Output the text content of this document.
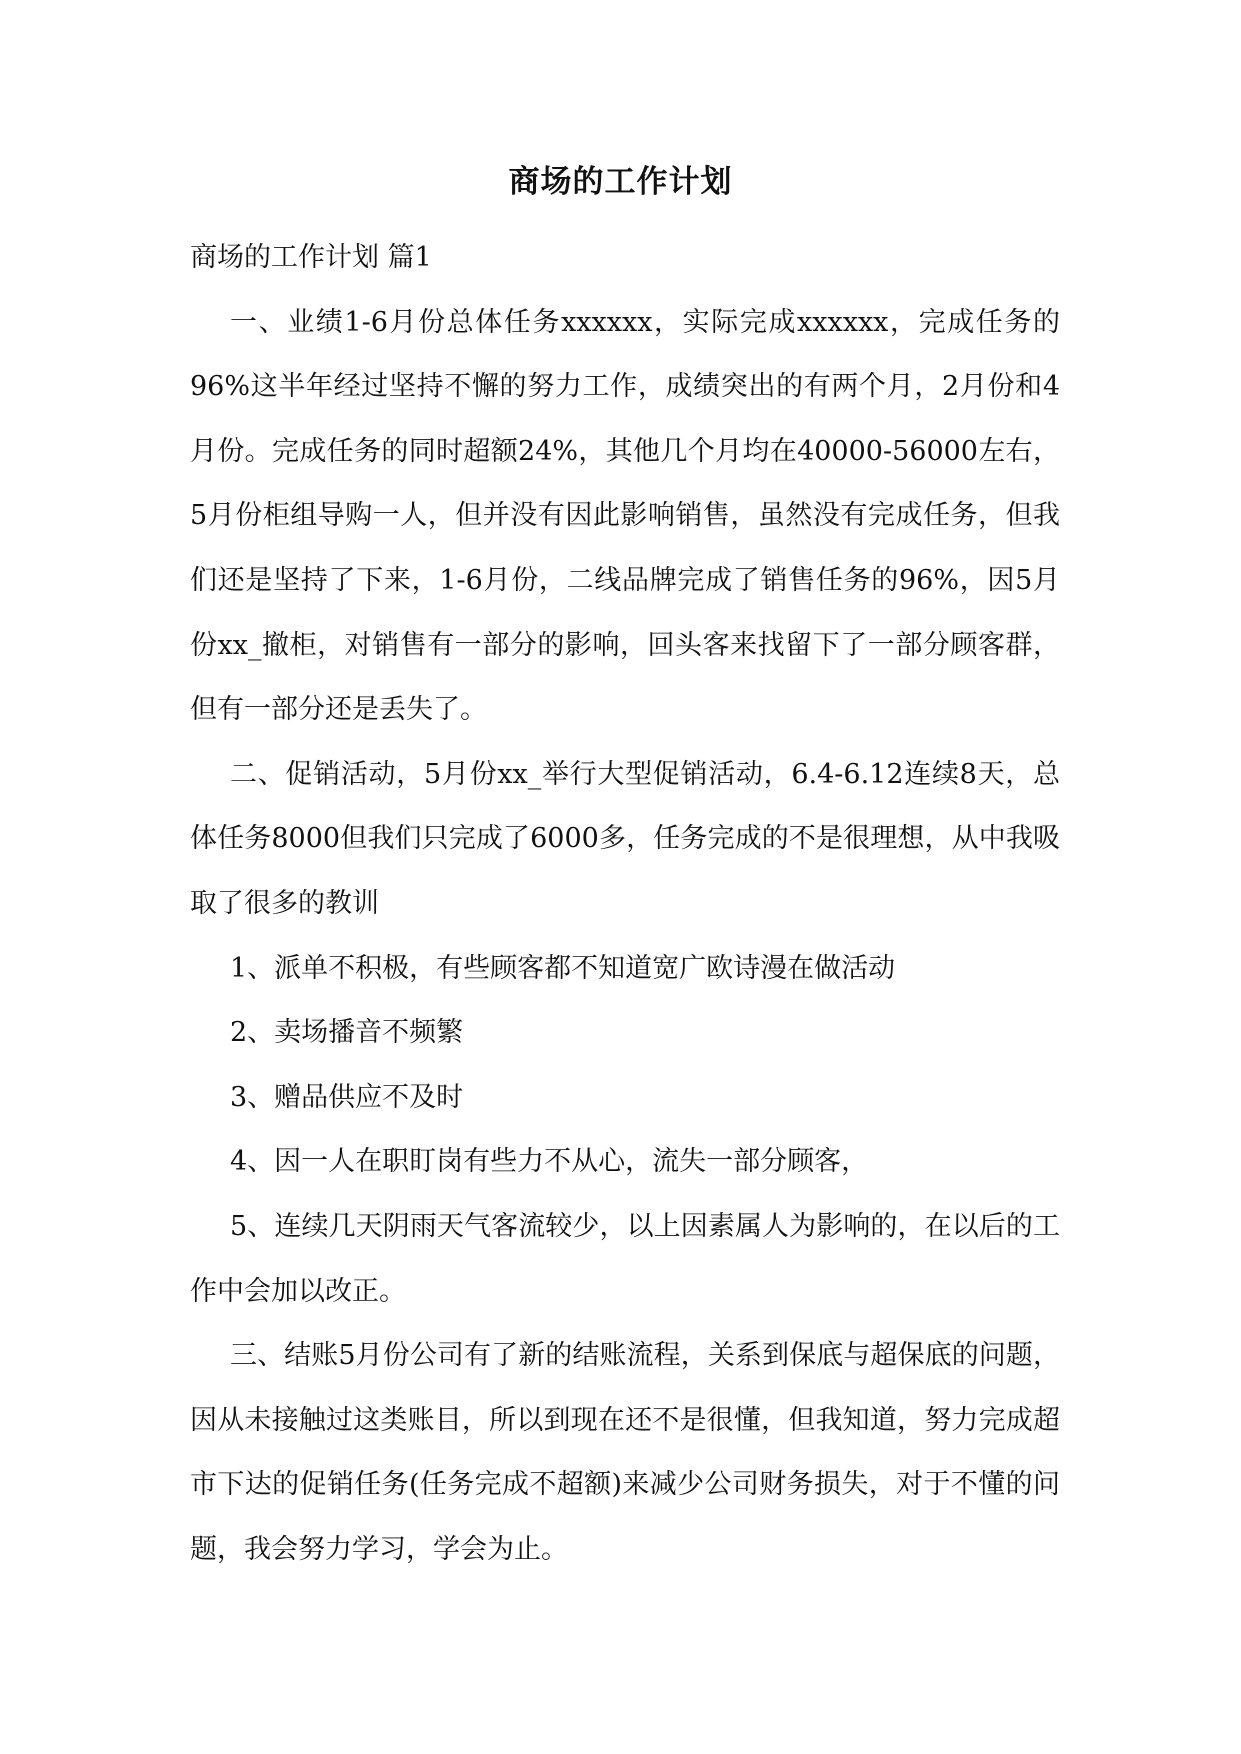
商场的工作计划

商场的工作计划 篇1

一、业绩1-6月份总体任务xxxxxx，实际完成xxxxxx，完成任务的96%这半年经过坚持不懈的努力工作，成绩突出的有两个月，2月份和4月份。完成任务的同时超额24%，其他几个月均在40000-56000左右，5月份柜组导购一人，但并没有因此影响销售，虽然没有完成任务，但我们还是坚持了下来，1-6月份，二线品牌完成了销售任务的96%，因5月份xx_撤柜，对销售有一部分的影响，回头客来找留下了一部分顾客群，但有一部分还是丢失了。

二、促销活动，5月份xx_举行大型促销活动，6.4-6.12连续8天，总体任务8000但我们只完成了6000多，任务完成的不是很理想，从中我吸取了很多的教训

1、派单不积极，有些顾客都不知道宽广欧诗漫在做活动

2、卖场播音不频繁

3、赠品供应不及时

4、因一人在职盯岗有些力不从心，流失一部分顾客，

5、连续几天阴雨天气客流较少，以上因素属人为影响的，在以后的工作中会加以改正。

三、结账5月份公司有了新的结账流程，关系到保底与超保底的问题，因从未接触过这类账目，所以到现在还不是很懂，但我知道，努力完成超市下达的促销任务(任务完成不超额)来减少公司财务损失，对于不懂的问题，我会努力学习，学会为止。
